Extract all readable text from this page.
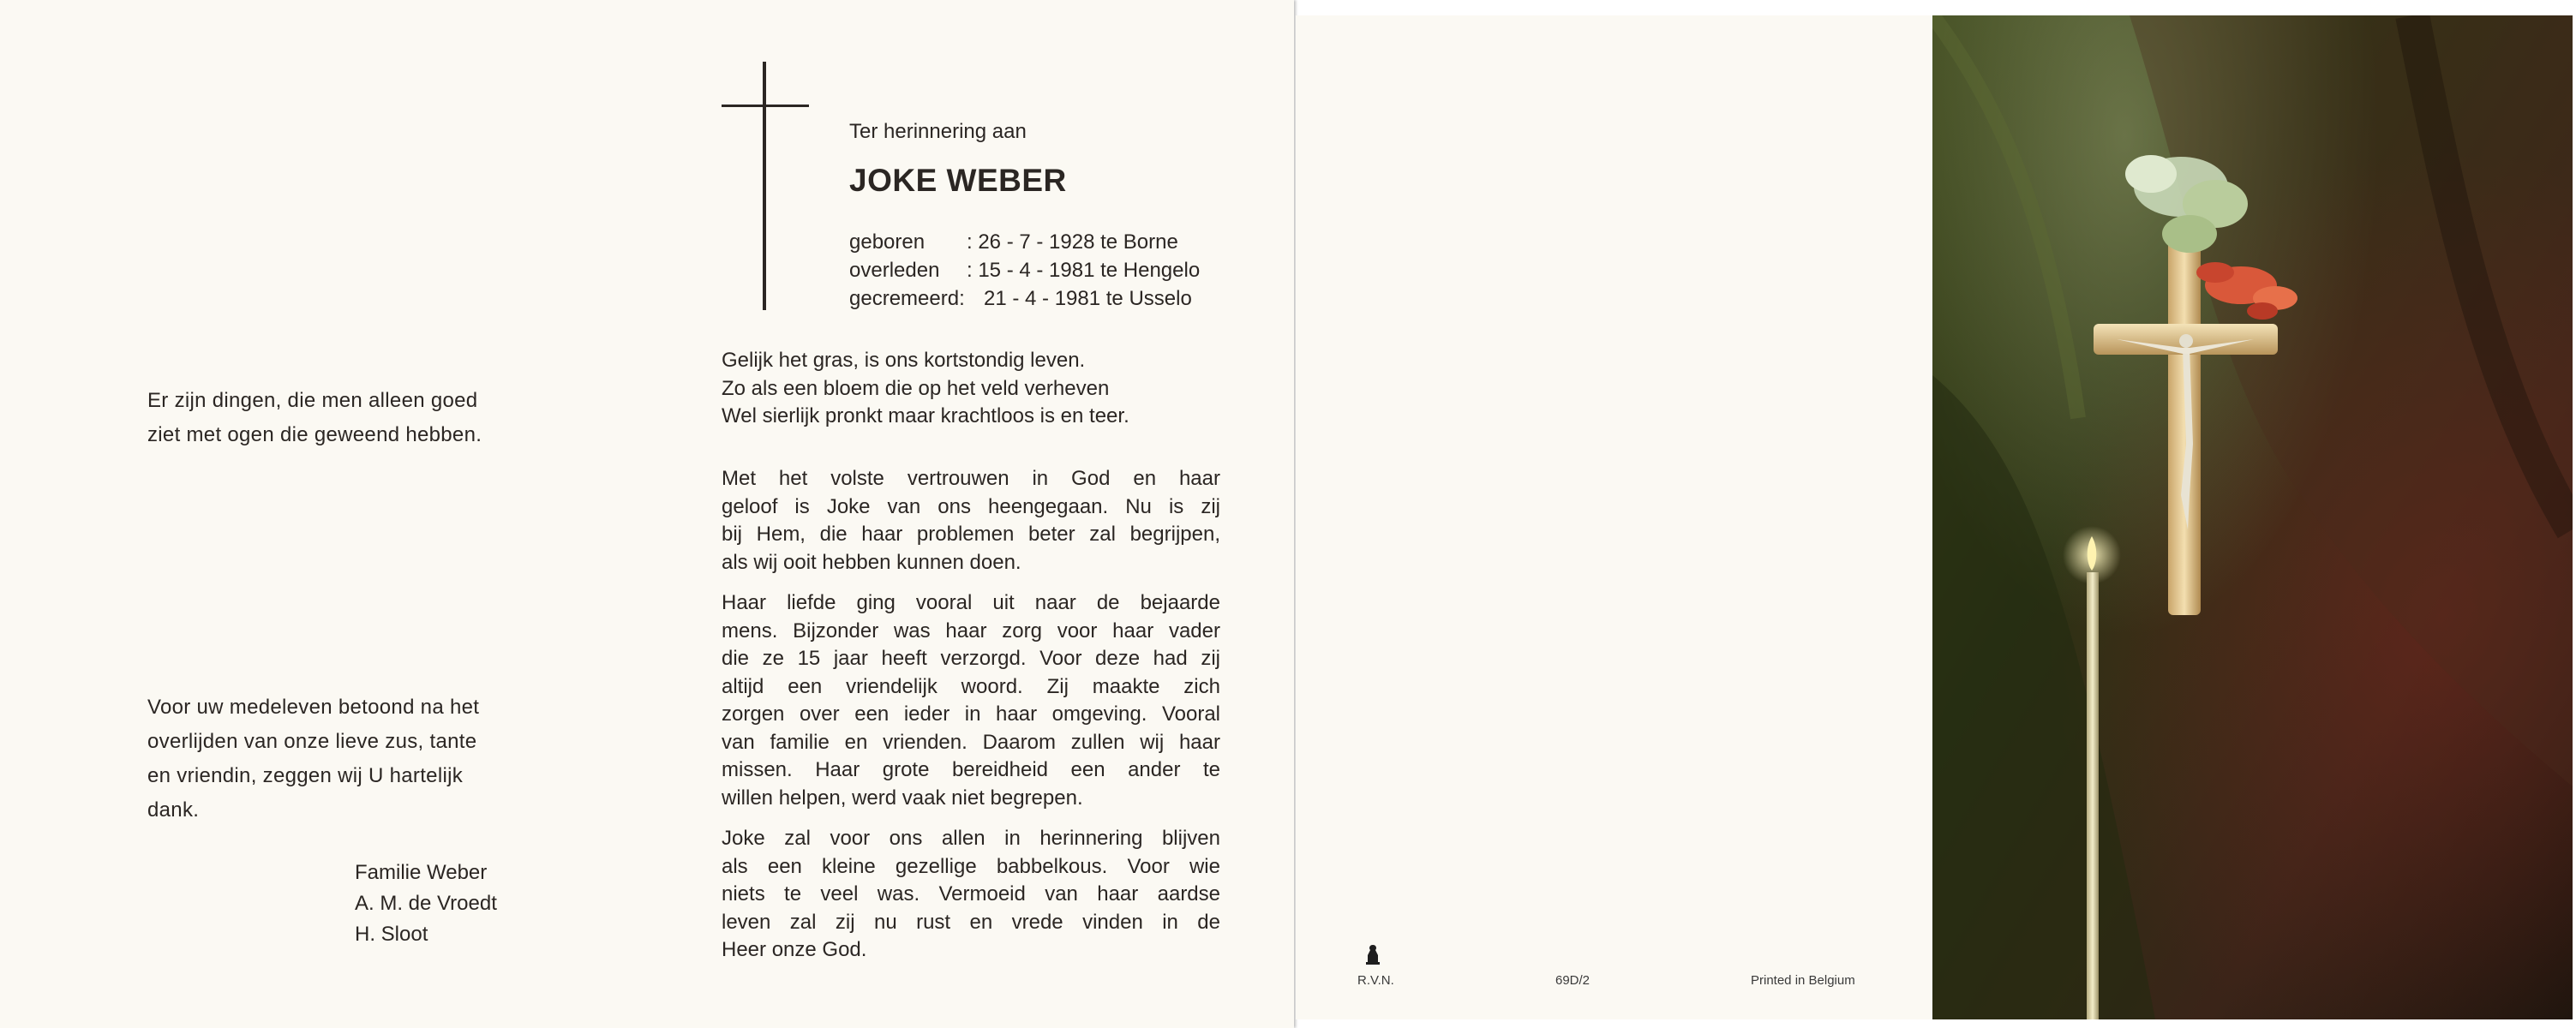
Ter herinnering aan
JOKE WEBER
geboren	: 26 - 7 - 1928 te Borne
overleden	: 15 - 4 - 1981 te Hengelo
gecremeerd: 21 - 4 - 1981 te Usselo
Er zijn dingen, die men alleen goed
ziet met ogen die geweend hebben.
Voor uw medeleven betoond na het
overlijden van onze lieve zus, tante
en vriendin, zeggen wij U hartelijk
dank.
Familie Weber
A. M. de Vroedt
H. Sloot
Gelijk het gras, is ons kortstondig leven.
Zo als een bloem die op het veld verheven
Wel sierlijk pronkt maar krachtloos is en teer.
Met het volste vertrouwen in God en haar
geloof is Joke van ons heengegaan. Nu is zij
bij Hem, die haar problemen beter zal begrijpen,
als wij ooit hebben kunnen doen.
Haar liefde ging vooral uit naar de bejaarde
mens. Bijzonder was haar zorg voor haar vader
die ze 15 jaar heeft verzorgd. Voor deze had zij
altijd een vriendelijk woord. Zij maakte zich
zorgen over een ieder in haar omgeving. Vooral
van familie en vrienden. Daarom zullen wij haar
missen. Haar grote bereidheid een ander te
willen helpen, werd vaak niet begrepen.
Joke zal voor ons allen in herinnering blijven
als een kleine gezellige babbelkous. Voor wie
niets te veel was. Vermoeid van haar aardse
leven zal zij nu rust en vrede vinden in de
Heer onze God.
R.V.N.	69D/2	Printed in Belgium
